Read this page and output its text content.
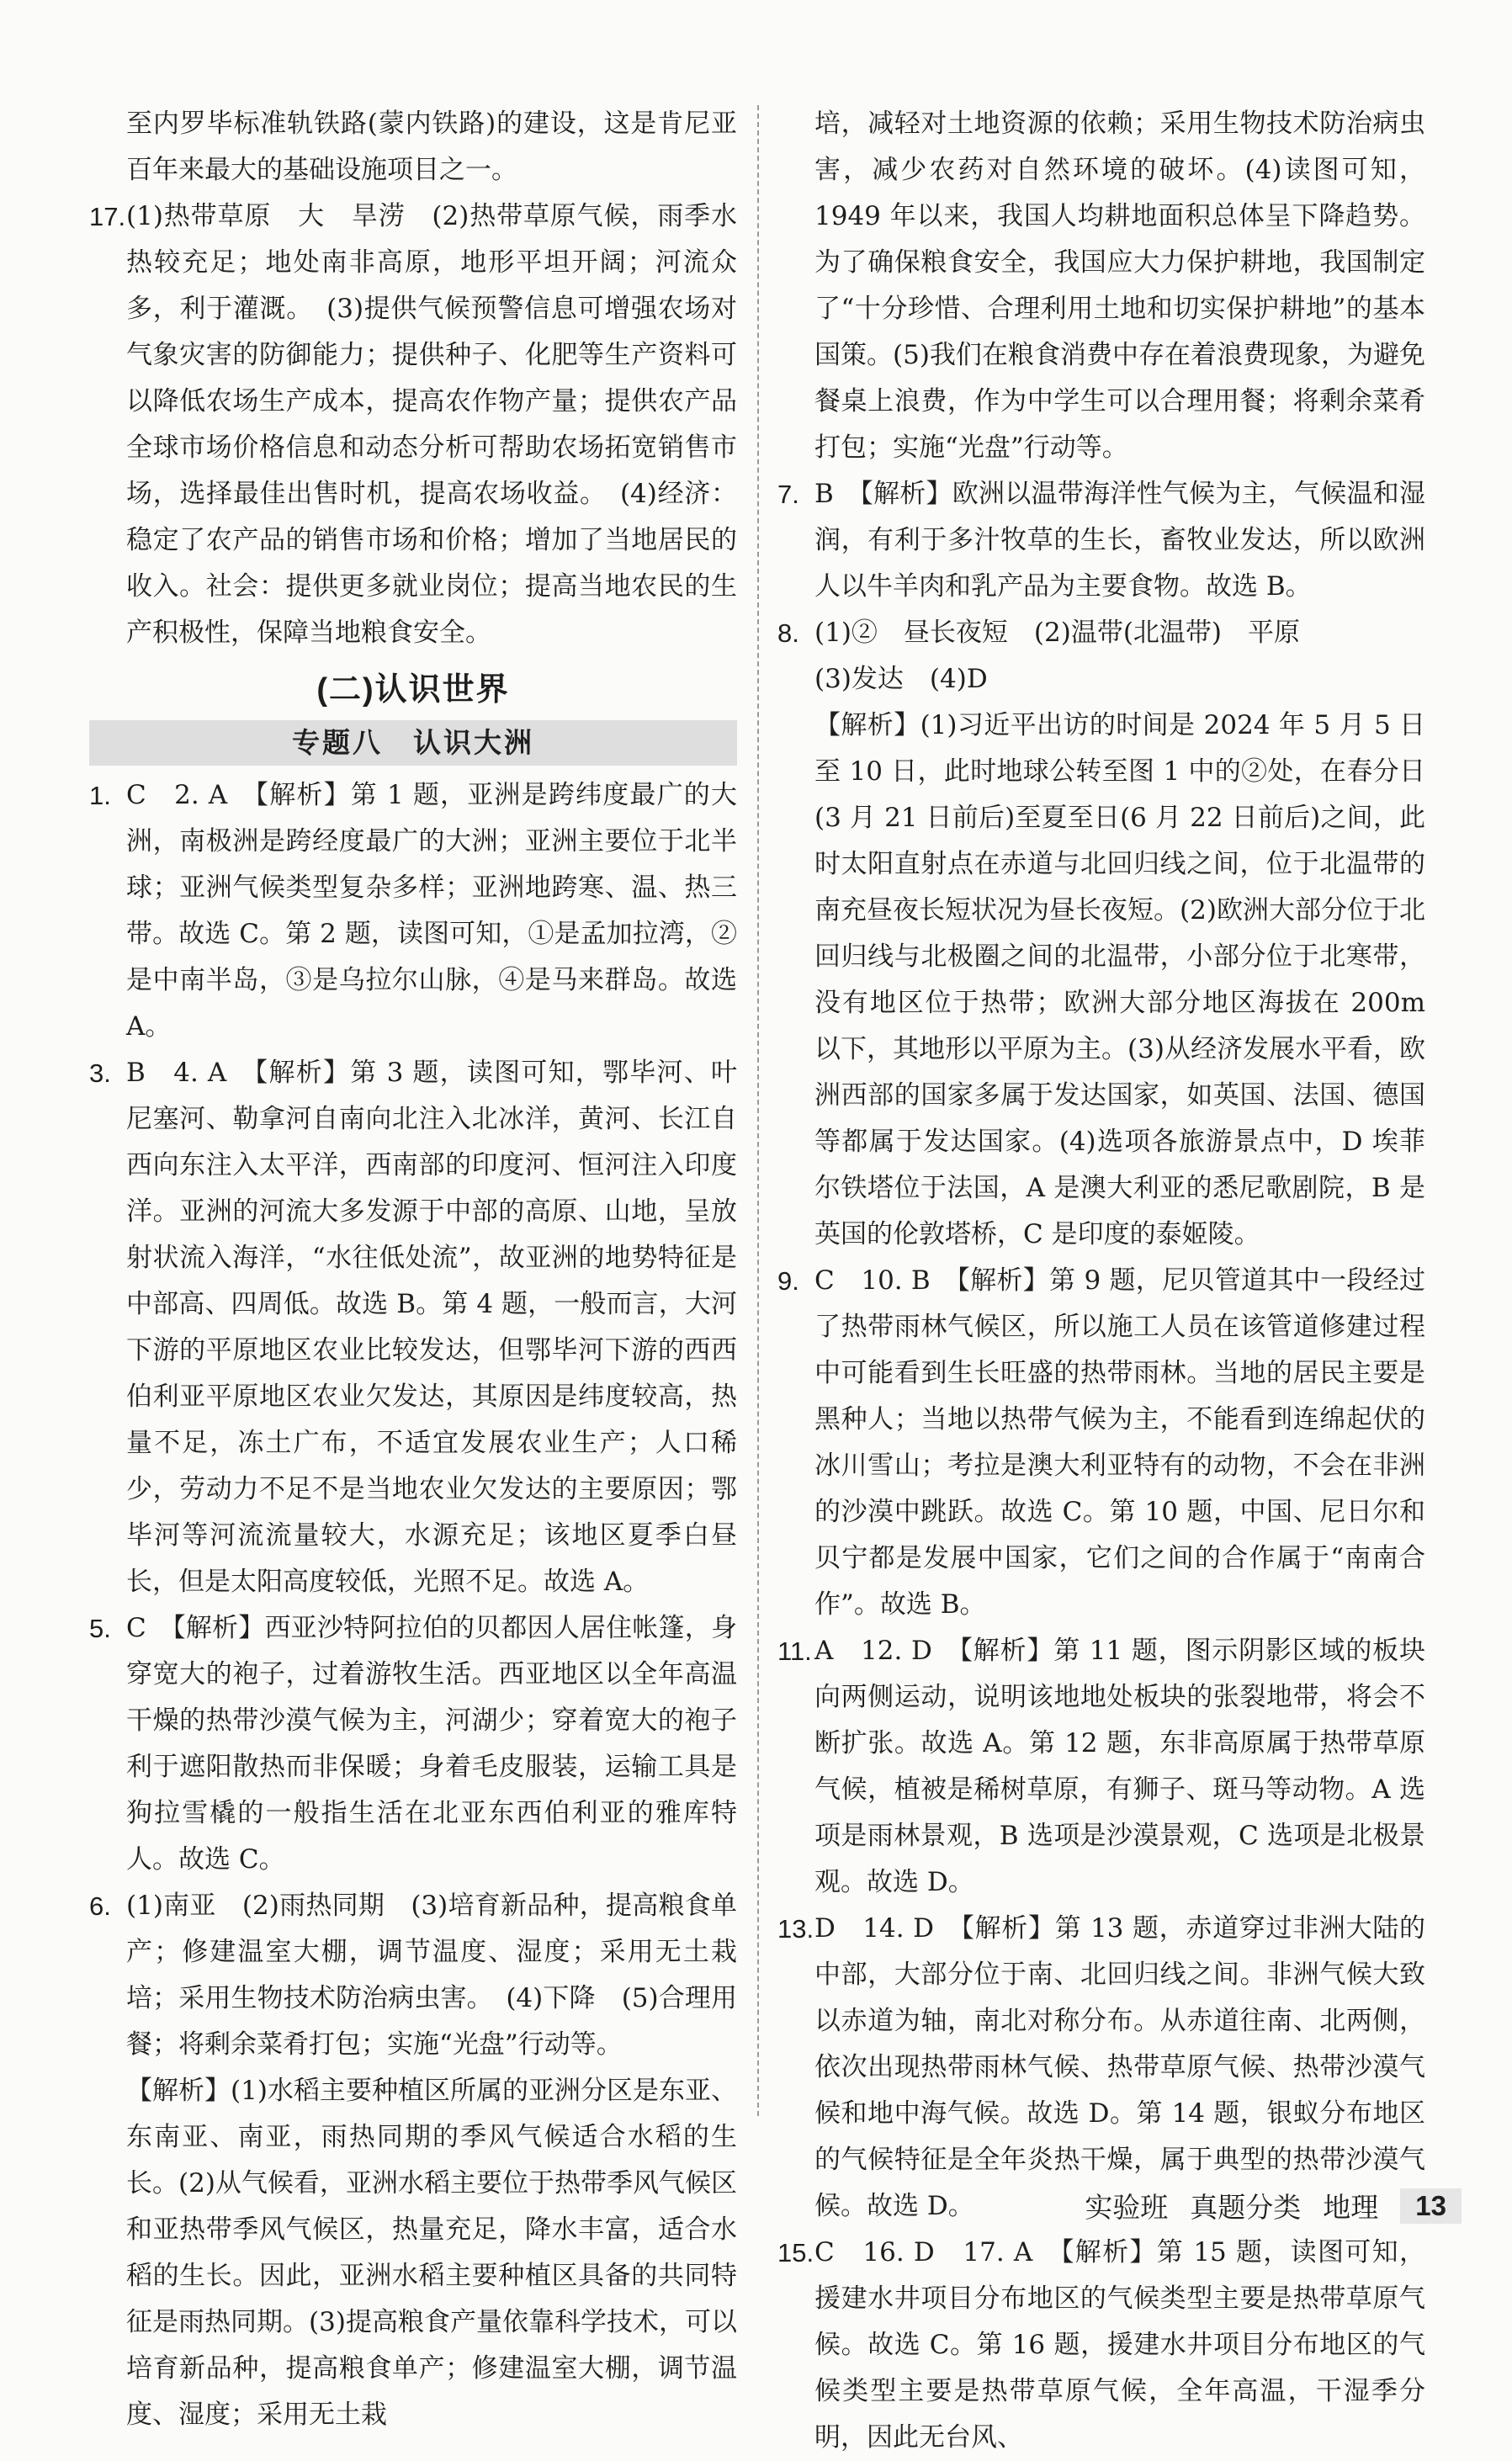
至内罗毕标准轨铁路(蒙内铁路)的建设，这是肯尼亚百年来最大的基础设施项目之一。

17. (1)热带草原　大　旱涝　(2)热带草原气候，雨季水热较充足；地处南非高原，地形平坦开阔；河流众多，利于灌溉。　(3)提供气候预警信息可增强农场对气象灾害的防御能力；提供种子、化肥等生产资料可以降低农场生产成本，提高农作物产量；提供农产品全球市场价格信息和动态分析可帮助农场拓宽销售市场，选择最佳出售时机，提高农场收益。　(4)经济：稳定了农产品的销售市场和价格；增加了当地居民的收入。社会：提供更多就业岗位；提高当地农民的生产积极性，保障当地粮食安全。

(二)认识世界
专题八　认识大洲
1. C　2. A　【解析】第 1 题，亚洲是跨纬度最广的大洲，南极洲是跨经度最广的大洲；亚洲主要位于北半球；亚洲气候类型复杂多样；亚洲地跨寒、温、热三带。故选 C。第 2 题，读图可知，①是孟加拉湾，②是中南半岛，③是乌拉尔山脉，④是马来群岛。故选 A。

3. B　4. A　【解析】第 3 题，读图可知，鄂毕河、叶尼塞河、勒拿河自南向北注入北冰洋，黄河、长江自西向东注入太平洋，西南部的印度河、恒河注入印度洋。亚洲的河流大多发源于中部的高原、山地，呈放射状流入海洋，“水往低处流”，故亚洲的地势特征是中部高、四周低。故选 B。第 4 题，一般而言，大河下游的平原地区农业比较发达，但鄂毕河下游的西西伯利亚平原地区农业欠发达，其原因是纬度较高，热量不足，冻土广布，不适宜发展农业生产；人口稀少，劳动力不足不是当地农业欠发达的主要原因；鄂毕河等河流流量较大，水源充足；该地区夏季白昼长，但是太阳高度较低，光照不足。故选 A。

5. C　【解析】西亚沙特阿拉伯的贝都因人居住帐篷，身穿宽大的袍子，过着游牧生活。西亚地区以全年高温干燥的热带沙漠气候为主，河湖少；穿着宽大的袍子利于遮阳散热而非保暖；身着毛皮服装，运输工具是狗拉雪橇的一般指生活在北亚东西伯利亚的雅库特人。故选 C。

6. (1)南亚　(2)雨热同期　(3)培育新品种，提高粮食单产；修建温室大棚，调节温度、湿度；采用无土栽培；采用生物技术防治病虫害。　(4)下降　(5)合理用餐；将剩余菜肴打包；实施“光盘”行动等。

【解析】(1)水稻主要种植区所属的亚洲分区是东亚、东南亚、南亚，雨热同期的季风气候适合水稻的生长。(2)从气候看，亚洲水稻主要位于热带季风气候区和亚热带季风气候区，热量充足，降水丰富，适合水稻的生长。因此，亚洲水稻主要种植区具备的共同特征是雨热同期。(3)提高粮食产量依靠科学技术，可以培育新品种，提高粮食单产；修建温室大棚，调节温度、湿度；采用无土栽

培，减轻对土地资源的依赖；采用生物技术防治病虫害，减少农药对自然环境的破坏。(4)读图可知，1949 年以来，我国人均耕地面积总体呈下降趋势。为了确保粮食安全，我国应大力保护耕地，我国制定了“十分珍惜、合理利用土地和切实保护耕地”的基本国策。(5)我们在粮食消费中存在着浪费现象，为避免餐桌上浪费，作为中学生可以合理用餐；将剩余菜肴打包；实施“光盘”行动等。

7. B　【解析】欧洲以温带海洋性气候为主，气候温和湿润，有利于多汁牧草的生长，畜牧业发达，所以欧洲人以牛羊肉和乳产品为主要食物。故选 B。

8. (1)②　昼长夜短　(2)温带(北温带)　平原

(3)发达　(4)D

【解析】(1)习近平出访的时间是 2024 年 5 月 5 日至 10 日，此时地球公转至图 1 中的②处，在春分日(3 月 21 日前后)至夏至日(6 月 22 日前后)之间，此时太阳直射点在赤道与北回归线之间，位于北温带的南充昼夜长短状况为昼长夜短。(2)欧洲大部分位于北回归线与北极圈之间的北温带，小部分位于北寒带，没有地区位于热带；欧洲大部分地区海拔在 200m 以下，其地形以平原为主。(3)从经济发展水平看，欧洲西部的国家多属于发达国家，如英国、法国、德国等都属于发达国家。(4)选项各旅游景点中，D 埃菲尔铁塔位于法国，A 是澳大利亚的悉尼歌剧院，B 是英国的伦敦塔桥，C 是印度的泰姬陵。

9. C　10. B　【解析】第 9 题，尼贝管道其中一段经过了热带雨林气候区，所以施工人员在该管道修建过程中可能看到生长旺盛的热带雨林。当地的居民主要是黑种人；当地以热带气候为主，不能看到连绵起伏的冰川雪山；考拉是澳大利亚特有的动物，不会在非洲的沙漠中跳跃。故选 C。第 10 题，中国、尼日尔和贝宁都是发展中国家，它们之间的合作属于“南南合作”。故选 B。

11. A　12. D　【解析】第 11 题，图示阴影区域的板块向两侧运动，说明该地地处板块的张裂地带，将会不断扩张。故选 A。第 12 题，东非高原属于热带草原气候，植被是稀树草原，有狮子、斑马等动物。A 选项是雨林景观，B 选项是沙漠景观，C 选项是北极景观。故选 D。

13. D　14. D　【解析】第 13 题，赤道穿过非洲大陆的中部，大部分位于南、北回归线之间。非洲气候大致以赤道为轴，南北对称分布。从赤道往南、北两侧，依次出现热带雨林气候、热带草原气候、热带沙漠气候和地中海气候。故选 D。第 14 题，银蚁分布地区的气候特征是全年炎热干燥，属于典型的热带沙漠气候。故选 D。

15. C　16. D　17. A　【解析】第 15 题，读图可知，援建水井项目分布地区的气候类型主要是热带草原气候。故选 C。第 16 题，援建水井项目分布地区的气候类型主要是热带草原气候，全年高温，干湿季分明，因此无台风、

实验班 真题分类 地理	13
